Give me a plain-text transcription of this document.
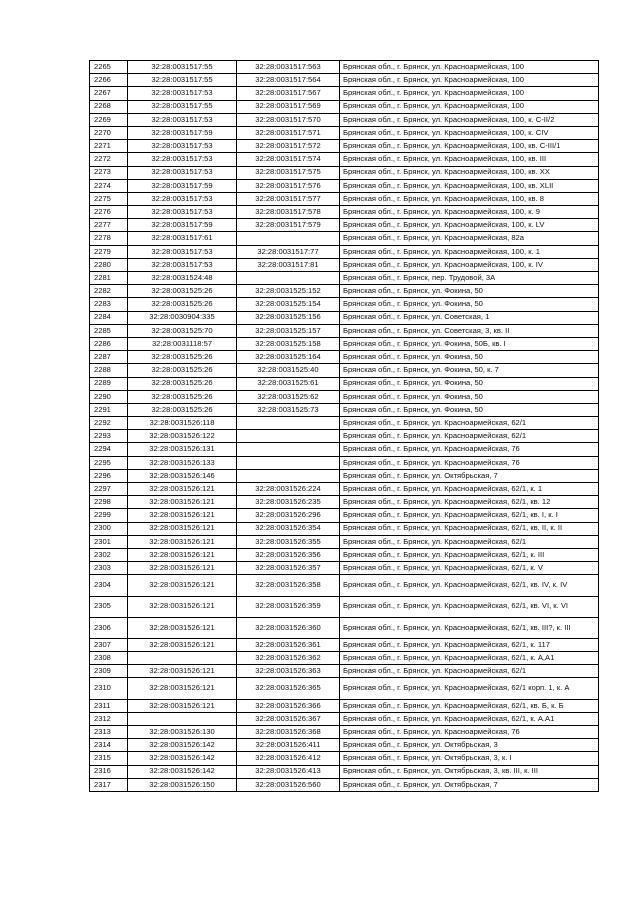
2265	32:28:0031517:55	32:28:0031517:563	Брянская обл., г. Брянск, ул. Красноармейская, 100
2266	32:28:0031517:55	32:28:0031517:564	Брянская обл., г. Брянск, ул. Красноармейская, 100
2267	32:28:0031517:53	32:28:0031517:567	Брянская обл., г. Брянск, ул. Красноармейская, 100
2268	32:28:0031517:55	32:28:0031517:569	Брянская обл., г. Брянск, ул. Красноармейская, 100
2269	32:28:0031517:53	32:28:0031517:570	Брянская обл., г. Брянск, ул. Красноармейская, 100, к. С-II/2
2270	32:28:0031517:59	32:28:0031517:571	Брянская обл., г. Брянск, ул. Красноармейская, 100, к. CIV
2271	32:28:0031517:53	32:28:0031517:572	Брянская обл., г. Брянск, ул. Красноармейская, 100, кв. С-III/1
2272	32:28:0031517:53	32:28:0031517:574	Брянская обл., г. Брянск, ул. Красноармейская, 100, кв. III
2273	32:28:0031517:53	32:28:0031517:575	Брянская обл., г. Брянск, ул. Красноармейская, 100, кв. XX
2274	32:28:0031517:59	32:28:0031517:576	Брянская обл., г. Брянск, ул. Красноармейская, 100, кв. XLII
2275	32:28:0031517:53	32:28:0031517:577	Брянская обл., г. Брянск, ул. Красноармейская, 100, кв. 8
2276	32:28:0031517:53	32:28:0031517:578	Брянская обл., г. Брянск, ул. Красноармейская, 100, к. 9
2277	32:28:0031517:59	32:28:0031517:579	Брянская обл., г. Брянск, ул. Красноармейская, 100, к. LV
2278	32:28:0031517:61		Брянская обл., г. Брянск, ул. Красноармейская, 82а
2279	32:28:0031517:53	32:28:0031517:77	Брянская обл., г. Брянск, ул. Красноармейская, 100, к. 1
2280	32:28:0031517:53	32:28:0031517:81	Брянская обл., г. Брянск, ул. Красноармейская, 100, к. IV
2281	32:28:0031524:48		Брянская обл., г. Брянск, пер. Трудовой, 3А
2282	32:28:0031525:26	32:28:0031525:152	Брянская обл., г. Брянск, ул. Фокина, 50
2283	32:28:0031525:26	32:28:0031525:154	Брянская обл., г. Брянск, ул. Фокина, 50
2284	32:28:0030904:335	32:28:0031525:156	Брянская обл., г. Брянск, ул. Советская, 1
2285	32:28:0031525:70	32:28:0031525:157	Брянская обл., г. Брянск, ул. Советская, 3, кв. II
2286	32:28:0031118:57	32:28:0031525:158	Брянская обл., г. Брянск, ул. Фокина, 50Б, кв. I
2287	32:28:0031525:26	32:28:0031525:164	Брянская обл., г. Брянск, ул. Фокина, 50
2288	32:28:0031525:26	32:28:0031525:40	Брянская обл., г. Брянск, ул. Фокина, 50, к. 7
2289	32:28:0031525:26	32:28:0031525:61	Брянская обл., г. Брянск, ул. Фокина, 50
2290	32:28:0031525:26	32:28:0031525:62	Брянская обл., г. Брянск, ул. Фокина, 50
2291	32:28:0031525:26	32:28:0031525:73	Брянская обл., г. Брянск, ул. Фокина, 50
2292	32:28:0031526:118		Брянская обл., г. Брянск, ул. Красноармейская, 62/1
2293	32:28:0031526:122		Брянская обл., г. Брянск, ул. Красноармейская, 62/1
2294	32:28:0031526:131		Брянская обл., г. Брянск, ул. Красноармейская, 76
2295	32:28:0031526:133		Брянская обл., г. Брянск, ул. Красноармейская, 76
2296	32:28:0031526:146		Брянская обл., г. Брянск, ул. Октябрьская, 7
2297	32:28:0031526:121	32:28:0031526:224	Брянская обл., г. Брянск, ул. Красноармейская, 62/1, к. 1
2298	32:28:0031526:121	32:28:0031526:235	Брянская обл., г. Брянск, ул. Красноармейская, 62/1, кв. 12
2299	32:28:0031526:121	32:28:0031526:296	Брянская обл., г. Брянск, ул. Красноармейская, 62/1, кв. I, к. I
2300	32:28:0031526:121	32:28:0031526:354	Брянская обл., г. Брянск, ул. Красноармейская, 62/1, кв. II, к. II
2301	32:28:0031526:121	32:28:0031526:355	Брянская обл., г. Брянск, ул. Красноармейская, 62/1
2302	32:28:0031526:121	32:28:0031526:356	Брянская обл., г. Брянск, ул. Красноармейская, 62/1, к. III
2303	32:28:0031526:121	32:28:0031526:357	Брянская обл., г. Брянск, ул. Красноармейская, 62/1, к. V
2304	32:28:0031526:121	32:28:0031526:358	Брянская обл., г. Брянск, ул. Красноармейская, 62/1, кв. IV, к. IV
2305	32:28:0031526:121	32:28:0031526:359	Брянская обл., г. Брянск, ул. Красноармейская, 62/1, кв. VI, к. VI
2306	32:28:0031526:121	32:28:0031526:360	Брянская обл., г. Брянск, ул. Красноармейская, 62/1, кв. III?, к. III
2307	32:28:0031526:121	32:28:0031526:361	Брянская обл., г. Брянск, ул. Красноармейская, 62/1, к. 117
2308		32:28:0031526:362	Брянская обл., г. Брянск, ул. Красноармейская, 62/1, к. А,А1
2309	32:28:0031526:121	32:28:0031526:363	Брянская обл., г. Брянск, ул. Красноармейская, 62/1
2310	32:28:0031526:121	32:28:0031526:365	Брянская обл., г. Брянск, ул. Красноармейская, 62/1 корп. 1, к. А
2311	32:28:0031526:121	32:28:0031526:366	Брянская обл., г. Брянск, ул. Красноармейская, 62/1, кв. Б, к. Б
2312		32:28:0031526:367	Брянская обл., г. Брянск, ул. Красноармейская, 62/1, к. А.А1
2313	32:28:0031526:130	32:28:0031526:368	Брянская обл., г. Брянск, ул. Красноармейская, 76
2314	32:28:0031526:142	32:28:0031526:411	Брянская обл., г. Брянск, ул. Октябрьская, 3
2315	32:28:0031526:142	32:28:0031526:412	Брянская обл., г. Брянск, ул. Октябрьская, 3, к. I
2316	32:28:0031526:142	32:28:0031526:413	Брянская обл., г. Брянск, ул. Октябрьская, 3, кв. III, к. III
2317	32:28:0031526:150	32:28:0031526:560	Брянская обл., г. Брянск, ул. Октябрьская, 7
